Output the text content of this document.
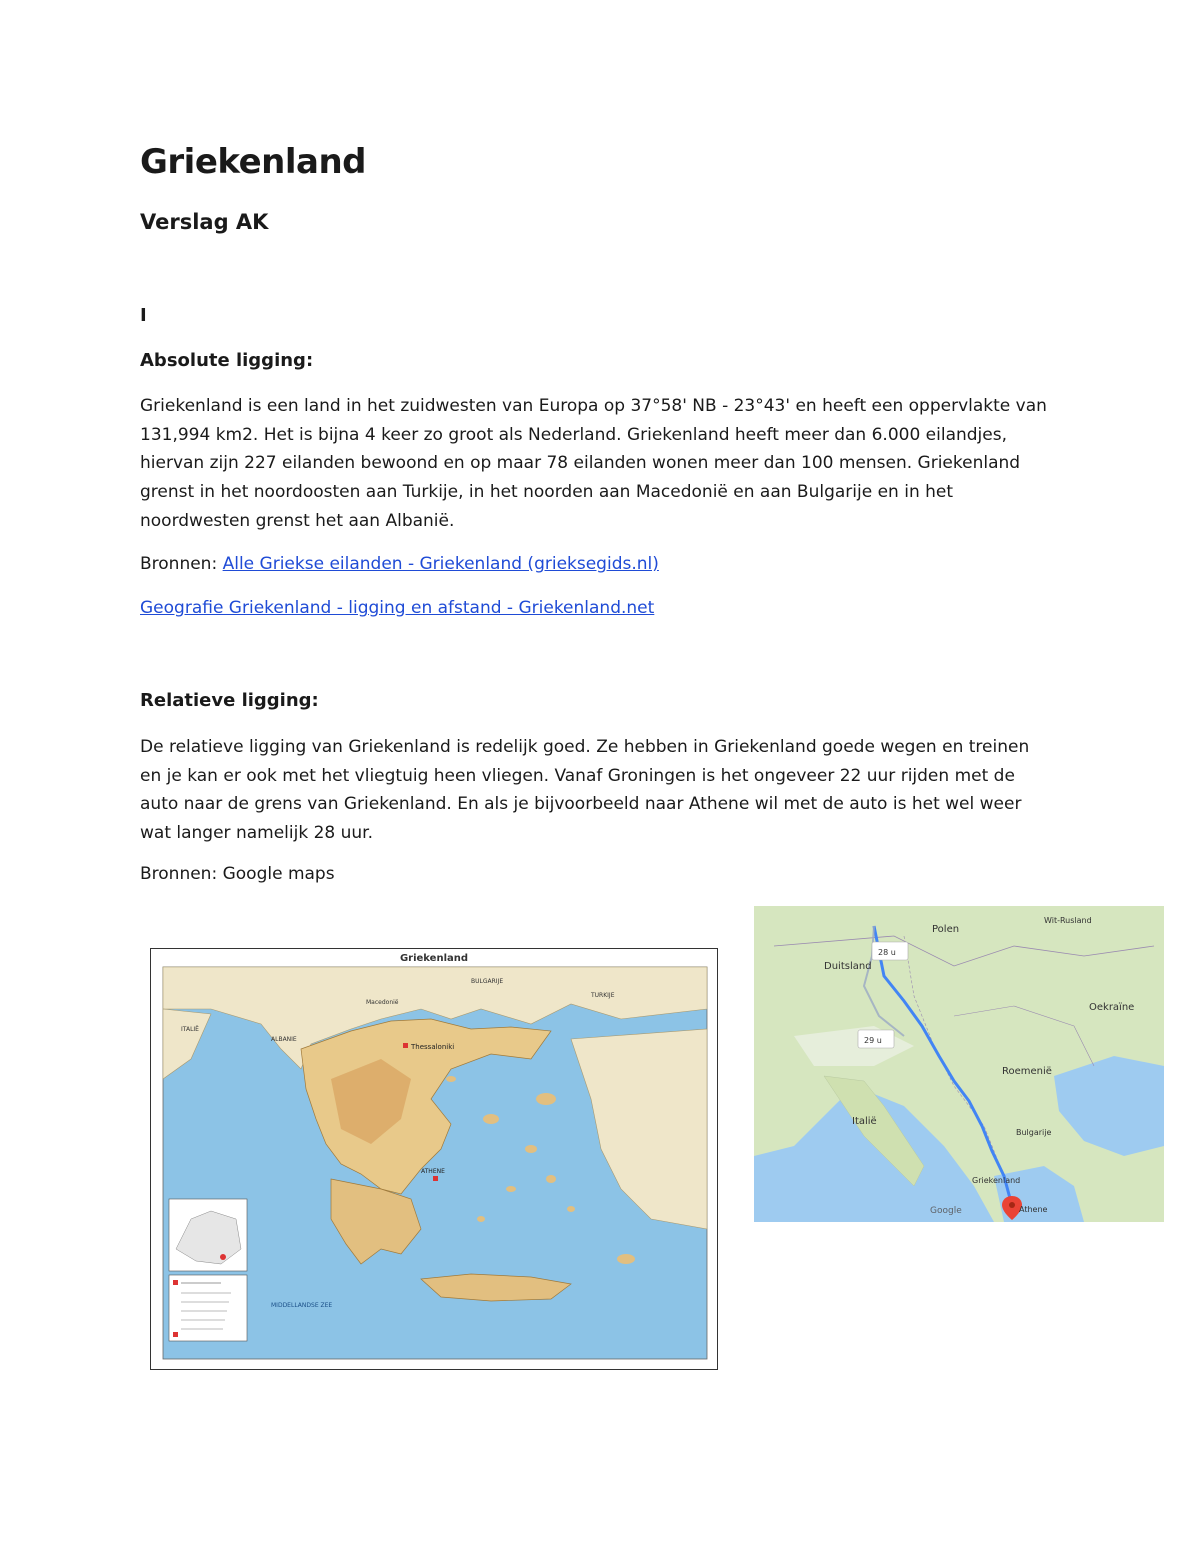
Griekenland
Verslag AK
I
Absolute ligging:
Griekenland is een land in het zuidwesten van Europa op 37°58' NB - 23°43' en heeft een oppervlakte van
131,994 km2. Het is bijna 4 keer zo groot als Nederland. Griekenland heeft meer dan 6.000 eilandjes,
hiervan zijn 227 eilanden bewoond en op maar 78 eilanden wonen meer dan 100 mensen. Griekenland
grenst in het noordoosten aan Turkije, in het noorden aan Macedonië en aan Bulgarije en in het
noordwesten grenst het aan Albanië.
Bronnen: Alle Griekse eilanden - Griekenland (grieksegids.nl)
Geografie Griekenland - ligging en afstand - Griekenland.net
Relatieve ligging:
De relatieve ligging van Griekenland is redelijk goed. Ze hebben in Griekenland goede wegen en treinen
en je kan er ook met het vliegtuig heen vliegen. Vanaf Groningen is het ongeveer 22 uur rijden met de
auto naar de grens van Griekenland. En als je bijvoorbeeld naar Athene wil met de auto is het wel weer
wat langer namelijk 28 uur.
Bronnen: Google maps
ALBANIE
Macedonië
BULGARIJE
TURKIJE
ITALIË
MIDDELLANDSE ZEE
Thessaloniki
ATHENE
Griekenland
28 u
29 u
Duitsland
Polen
Wit-Rusland
Oekraïne
Roemenië
Italië
Bulgarije
Griekenland
Athene
Google
